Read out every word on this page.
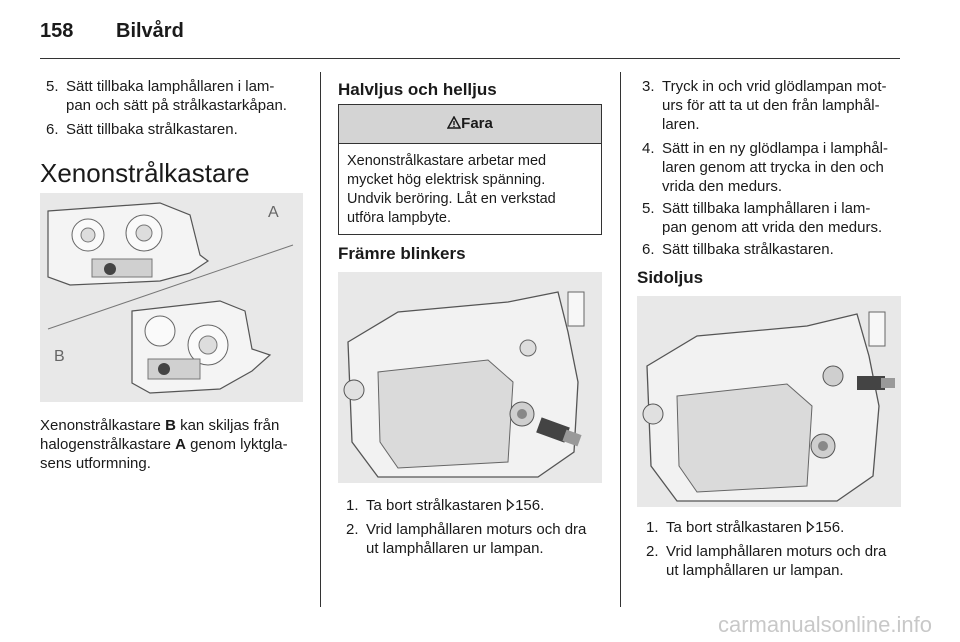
158 Bilvård
5. Sätt tillbaka lamphållaren i lam-
pan och sätt på strålkastarkåpan.
6. Sätt tillbaka strålkastaren.
Xenonstrålkastare
A
B
Xenonstrålkastare B kan skiljas från
halogenstrålkastare A genom lyktgla-
sens utformning.
Halvljus och helljus
Fara
Xenonstrålkastare arbetar med
mycket hög elektrisk spänning.
Undvik beröring. Låt en verkstad
utföra lampbyte.
Främre blinkers
1. Ta bort strålkastaren 156.
2. Vrid lamphållaren moturs och dra
ut lamphållaren ur lampan.
3. Tryck in och vrid glödlampan mot-
urs för att ta ut den från lamphål-
laren.
4. Sätt in en ny glödlampa i lamphål-
laren genom att trycka in den och
vrida den medurs.
5. Sätt tillbaka lamphållaren i lam-
pan genom att vrida den medurs.
6. Sätt tillbaka strålkastaren.
Sidoljus
1. Ta bort strålkastaren 156.
2. Vrid lamphållaren moturs och dra
ut lamphållaren ur lampan.
carmanualsonline.info
